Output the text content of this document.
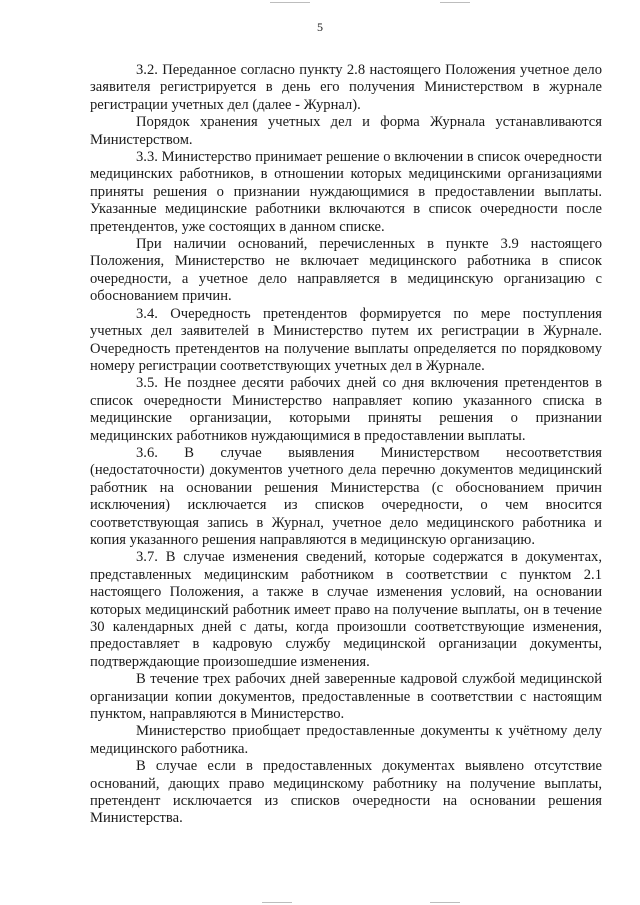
5

3.2. Переданное согласно пункту 2.8 настоящего Положения учетное дело заявителя регистрируется в день его получения Министерством в журнале регистрации учетных дел (далее - Журнал).

Порядок хранения учетных дел и форма Журнала устанавливаются Министерством.

3.3. Министерство принимает решение о включении в список очередности медицинских работников, в отношении которых медицинскими организациями приняты решения о признании нуждающимися в предоставлении выплаты. Указанные медицинские работники включаются в список очередности после претендентов, уже состоящих в данном списке.

При наличии оснований, перечисленных в пункте 3.9 настоящего Положения, Министерство не включает медицинского работника в список очередности, а учетное дело направляется в медицинскую организацию с обоснованием причин.

3.4. Очередность претендентов формируется по мере поступления учетных дел заявителей в Министерство путем их регистрации в Журнале. Очередность претендентов на получение выплаты определяется по порядковому номеру регистрации соответствующих учетных дел в Журнале.

3.5. Не позднее десяти рабочих дней со дня включения претендентов в список очередности Министерство направляет копию указанного списка в медицинские организации, которыми приняты решения о признании медицинских работников нуждающимися в предоставлении выплаты.

3.6. В случае выявления Министерством несоответствия (недостаточности) документов учетного дела перечню документов медицинский работник на основании решения Министерства (с обоснованием причин исключения) исключается из списков очередности, о чем вносится соответствующая запись в Журнал, учетное дело медицинского работника и копия указанного решения направляются в медицинскую организацию.

3.7. В случае изменения сведений, которые содержатся в документах, представленных медицинским работником в соответствии с пунктом 2.1 настоящего Положения, а также в случае изменения условий, на основании которых медицинский работник имеет право на получение выплаты, он в течение 30 календарных дней с даты, когда произошли соответствующие изменения, предоставляет в кадровую службу медицинской организации документы, подтверждающие произошедшие изменения.

В течение трех рабочих дней заверенные кадровой службой медицинской организации копии документов, предоставленные в соответствии с настоящим пунктом, направляются в Министерство.

Министерство приобщает предоставленные документы к учётному делу медицинского работника.

В случае если в предоставленных документах выявлено отсутствие оснований, дающих право медицинскому работнику на получение выплаты, претендент исключается из списков очередности на основании решения Министерства.
